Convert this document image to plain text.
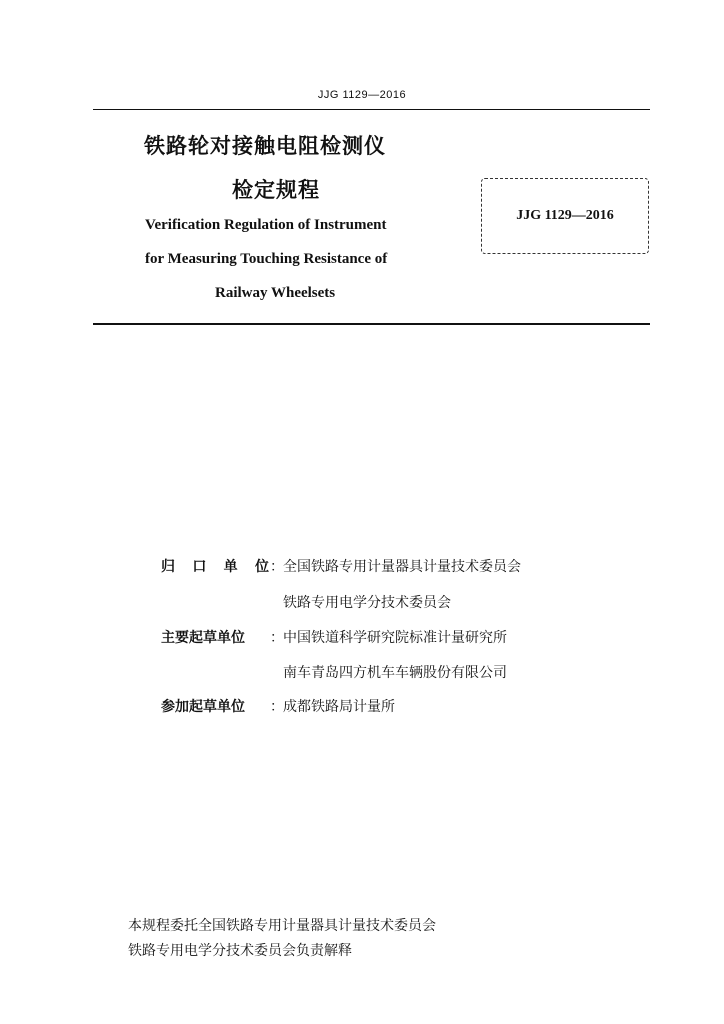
JJG 1129—2016
铁路轮对接触电阻检测仪
检定规程
Verification Regulation of Instrument
for Measuring Touching Resistance of
Railway Wheelsets
JJG 1129—2016
归 口 单 位 ： 全国铁路专用计量器具计量技术委员会
铁路专用电学分技术委员会
主要起草单位	： 中国铁道科学研究院标准计量研究所
南车青岛四方机车车辆股份有限公司
参加起草单位	： 成都铁路局计量所
本规程委托全国铁路专用计量器具计量技术委员会
铁路专用电学分技术委员会负责解释
